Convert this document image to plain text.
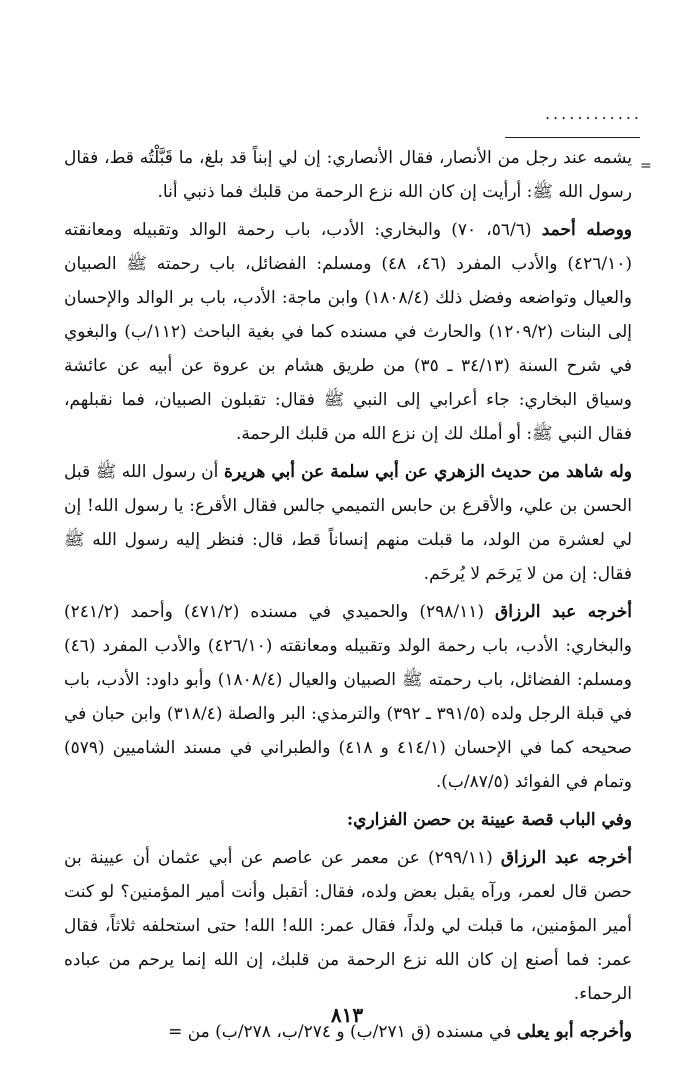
............
=

يشمه عند رجل من الأنصار، فقال الأنصاري: إن لي إبناً قد بلغ، ما قَبَّلْتُه قط، فقال رسول الله ﷺ: أرأيت إن كان الله نزع الرحمة من قلبك فما ذنبي أنا.

ووصله أحمد (٥٦/٦، ٧٠) والبخاري: الأدب، باب رحمة الوالد وتقبيله ومعانقته (٤٢٦/١٠) والأدب المفرد (٤٦، ٤٨) ومسلم: الفضائل، باب رحمته ﷺ الصبيان والعيال وتواضعه وفضل ذلك (١٨٠٨/٤) وابن ماجة: الأدب، باب بر الوالد والإحسان إلى البنات (١٢٠٩/٢) والحارث في مسنده كما في بغية الباحث (١١٢/ب) والبغوي في شرح السنة (٣٤/١٣ ـ ٣٥) من طريق هشام بن عروة عن أبيه عن عائشة وسياق البخاري: جاء أعرابي إلى النبي ﷺ فقال: تقبلون الصبيان، فما نقبلهم، فقال النبي ﷺ: أو أملك لك إن نزع الله من قلبك الرحمة.

وله شاهد من حديث الزهري عن أبي سلمة عن أبي هريرة أن رسول الله ﷺ قبل الحسن بن علي، والأقرع بن حابس التميمي جالس فقال الأقرع: يا رسول الله! إن لي لعشرة من الولد، ما قبلت منهم إنساناً قط، قال: فنظر إليه رسول الله ﷺ فقال: إن من لا يَرحَم لا يُرحَم.

أخرجه عبد الرزاق (٢٩٨/١١) والحميدي في مسنده (٤٧١/٢) وأحمد (٢٤١/٢) والبخاري: الأدب، باب رحمة الولد وتقبيله ومعانقته (٤٢٦/١٠) والأدب المفرد (٤٦) ومسلم: الفضائل، باب رحمته ﷺ الصبيان والعيال (١٨٠٨/٤) وأبو داود: الأدب، باب في قبلة الرجل ولده (٣٩١/٥ ـ ٣٩٢) والترمذي: البر والصلة (٣١٨/٤) وابن حبان في صحيحه كما في الإحسان (٤١٤/١ و ٤١٨) والطبراني في مسند الشاميين (٥٧٩) وتمام في الفوائد (٨٧/٥/ب).

وفي الباب قصة عيينة بن حصن الفزاري:

أخرجه عبد الرزاق (٢٩٩/١١) عن معمر عن عاصم عن أبي عثمان أن عيينة بن حصن قال لعمر، ورآه يقبل بعض ولده، فقال: أتقبل وأنت أمير المؤمنين؟ لو كنت أمير المؤمنين، ما قبلت لي ولداً، فقال عمر: الله! الله! حتى استحلفه ثلاثاً، فقال عمر: فما أصنع إن كان الله نزع الرحمة من قلبك، إن الله إنما يرحم من عباده الرحماء.

وأخرجه أبو يعلى في مسنده (ق ٢٧١/ب) و ٢٧٤/ب، ٢٧٨/ب) من =

٨١٣
